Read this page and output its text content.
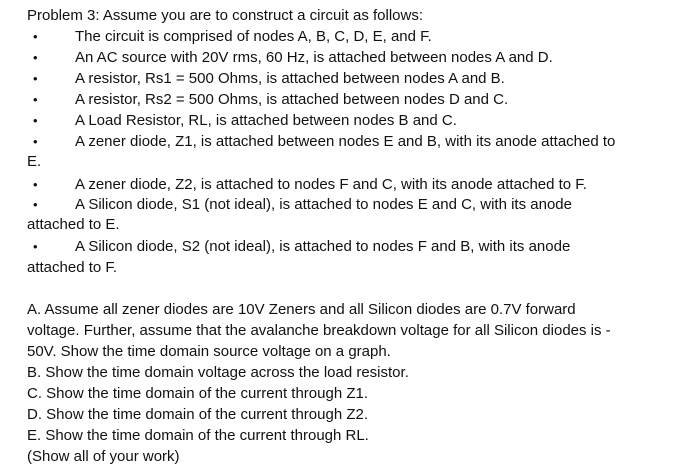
Problem 3: Assume you are to construct a circuit as follows:
• The circuit is comprised of nodes A, B, C, D, E, and F.
• An AC source with 20V rms, 60 Hz, is attached between nodes A and D.
• A resistor, Rs1 = 500 Ohms, is attached between nodes A and B.
• A resistor, Rs2 = 500 Ohms, is attached between nodes D and C.
• A Load Resistor, RL, is attached between nodes B and C.
• A zener diode, Z1, is attached between nodes E and B, with its anode attached to
E.
• A zener diode, Z2, is attached to nodes F and C, with its anode attached to F.
• A Silicon diode, S1 (not ideal), is attached to nodes E and C, with its anode
attached to E.
• A Silicon diode, S2 (not ideal), is attached to nodes F and B, with its anode
attached to F.
A. Assume all zener diodes are 10V Zeners and all Silicon diodes are 0.7V forward
voltage. Further, assume that the avalanche breakdown voltage for all Silicon diodes is -
50V. Show the time domain source voltage on a graph.
B. Show the time domain voltage across the load resistor.
C. Show the time domain of the current through Z1.
D. Show the time domain of the current through Z2.
E. Show the time domain of the current through RL.
(Show all of your work)
